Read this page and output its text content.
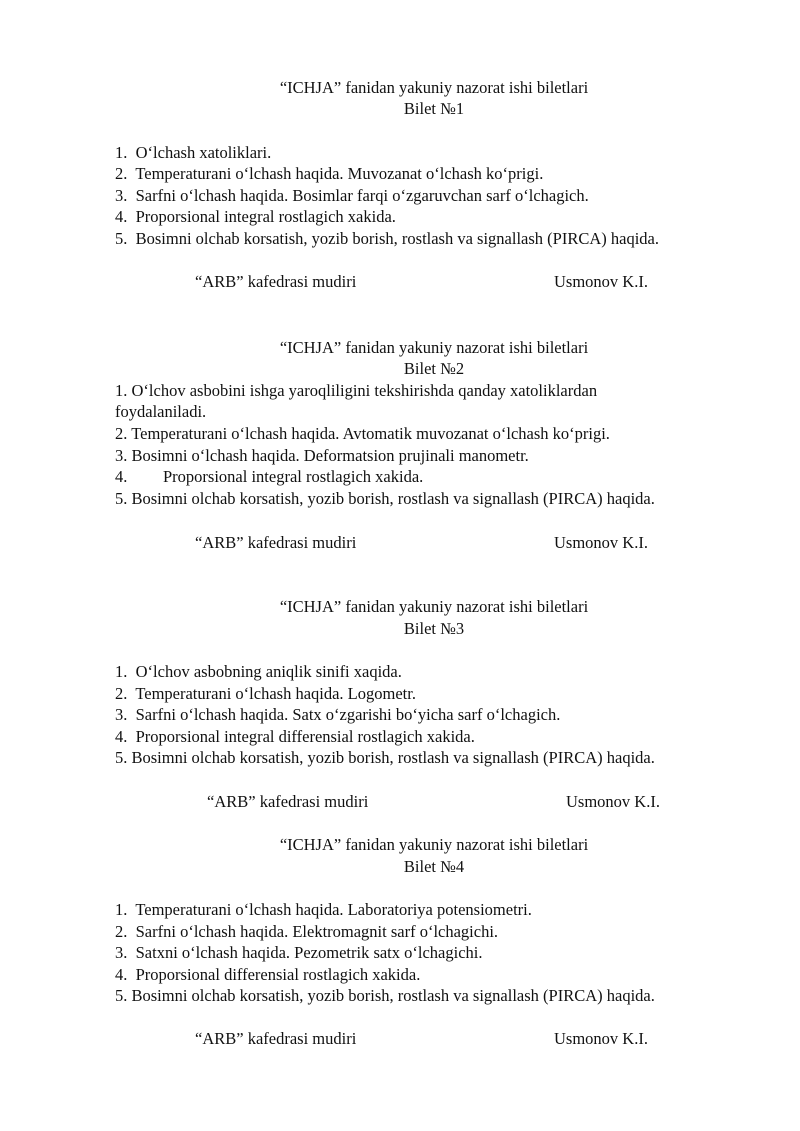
“ICHJA” fanidan yakuniy nazorat ishi biletlari
Bilet №1
1. O‘lchash xatoliklari.
2. Temperaturani o‘lchash haqida. Muvozanat o‘lchash ko‘prigi.
3. Sarfni o‘lchash haqida. Bosimlar farqi o‘zgaruvchan sarf o‘lchagich.
4. Proporsional integral rostlagich xakida.
5. Bosimni olchab korsatish, yozib borish, rostlash va signallash (PIRCA) haqida.
“ARB” kafedrasi mudiri	Usmonov K.I.
“ICHJA” fanidan yakuniy nazorat ishi biletlari
Bilet №2
1. O‘lchov asbobini ishga yaroqliligini tekshirishda qanday xatoliklardan
foydalaniladi.
2. Temperaturani o‘lchash haqida. Avtomatik muvozanat o‘lchash ko‘prigi.
3. Bosimni o‘lchash haqida. Deformatsion prujinali manometr.
4. Proporsional integral rostlagich xakida.
5. Bosimni olchab korsatish, yozib borish, rostlash va signallash (PIRCA) haqida.
“ARB” kafedrasi mudiri	Usmonov K.I.
“ICHJA” fanidan yakuniy nazorat ishi biletlari
Bilet №3
1. O‘lchov asbobning aniqlik sinifi xaqida.
2. Temperaturani o‘lchash haqida. Logometr.
3. Sarfni o‘lchash haqida. Satx o‘zgarishi bo‘yicha sarf o‘lchagich.
4. Proporsional integral differensial rostlagich xakida.
5. Bosimni olchab korsatish, yozib borish, rostlash va signallash (PIRCA) haqida.
“ARB” kafedrasi mudiri	Usmonov K.I.
“ICHJA” fanidan yakuniy nazorat ishi biletlari
Bilet №4
1. Temperaturani o‘lchash haqida. Laboratoriya potensiometri.
2. Sarfni o‘lchash haqida. Elektromagnit sarf o‘lchagichi.
3. Satxni o‘lchash haqida. Pezometrik satx o‘lchagichi.
4. Proporsional differensial rostlagich xakida.
5. Bosimni olchab korsatish, yozib borish, rostlash va signallash (PIRCA) haqida.
“ARB” kafedrasi mudiri	Usmonov K.I.
